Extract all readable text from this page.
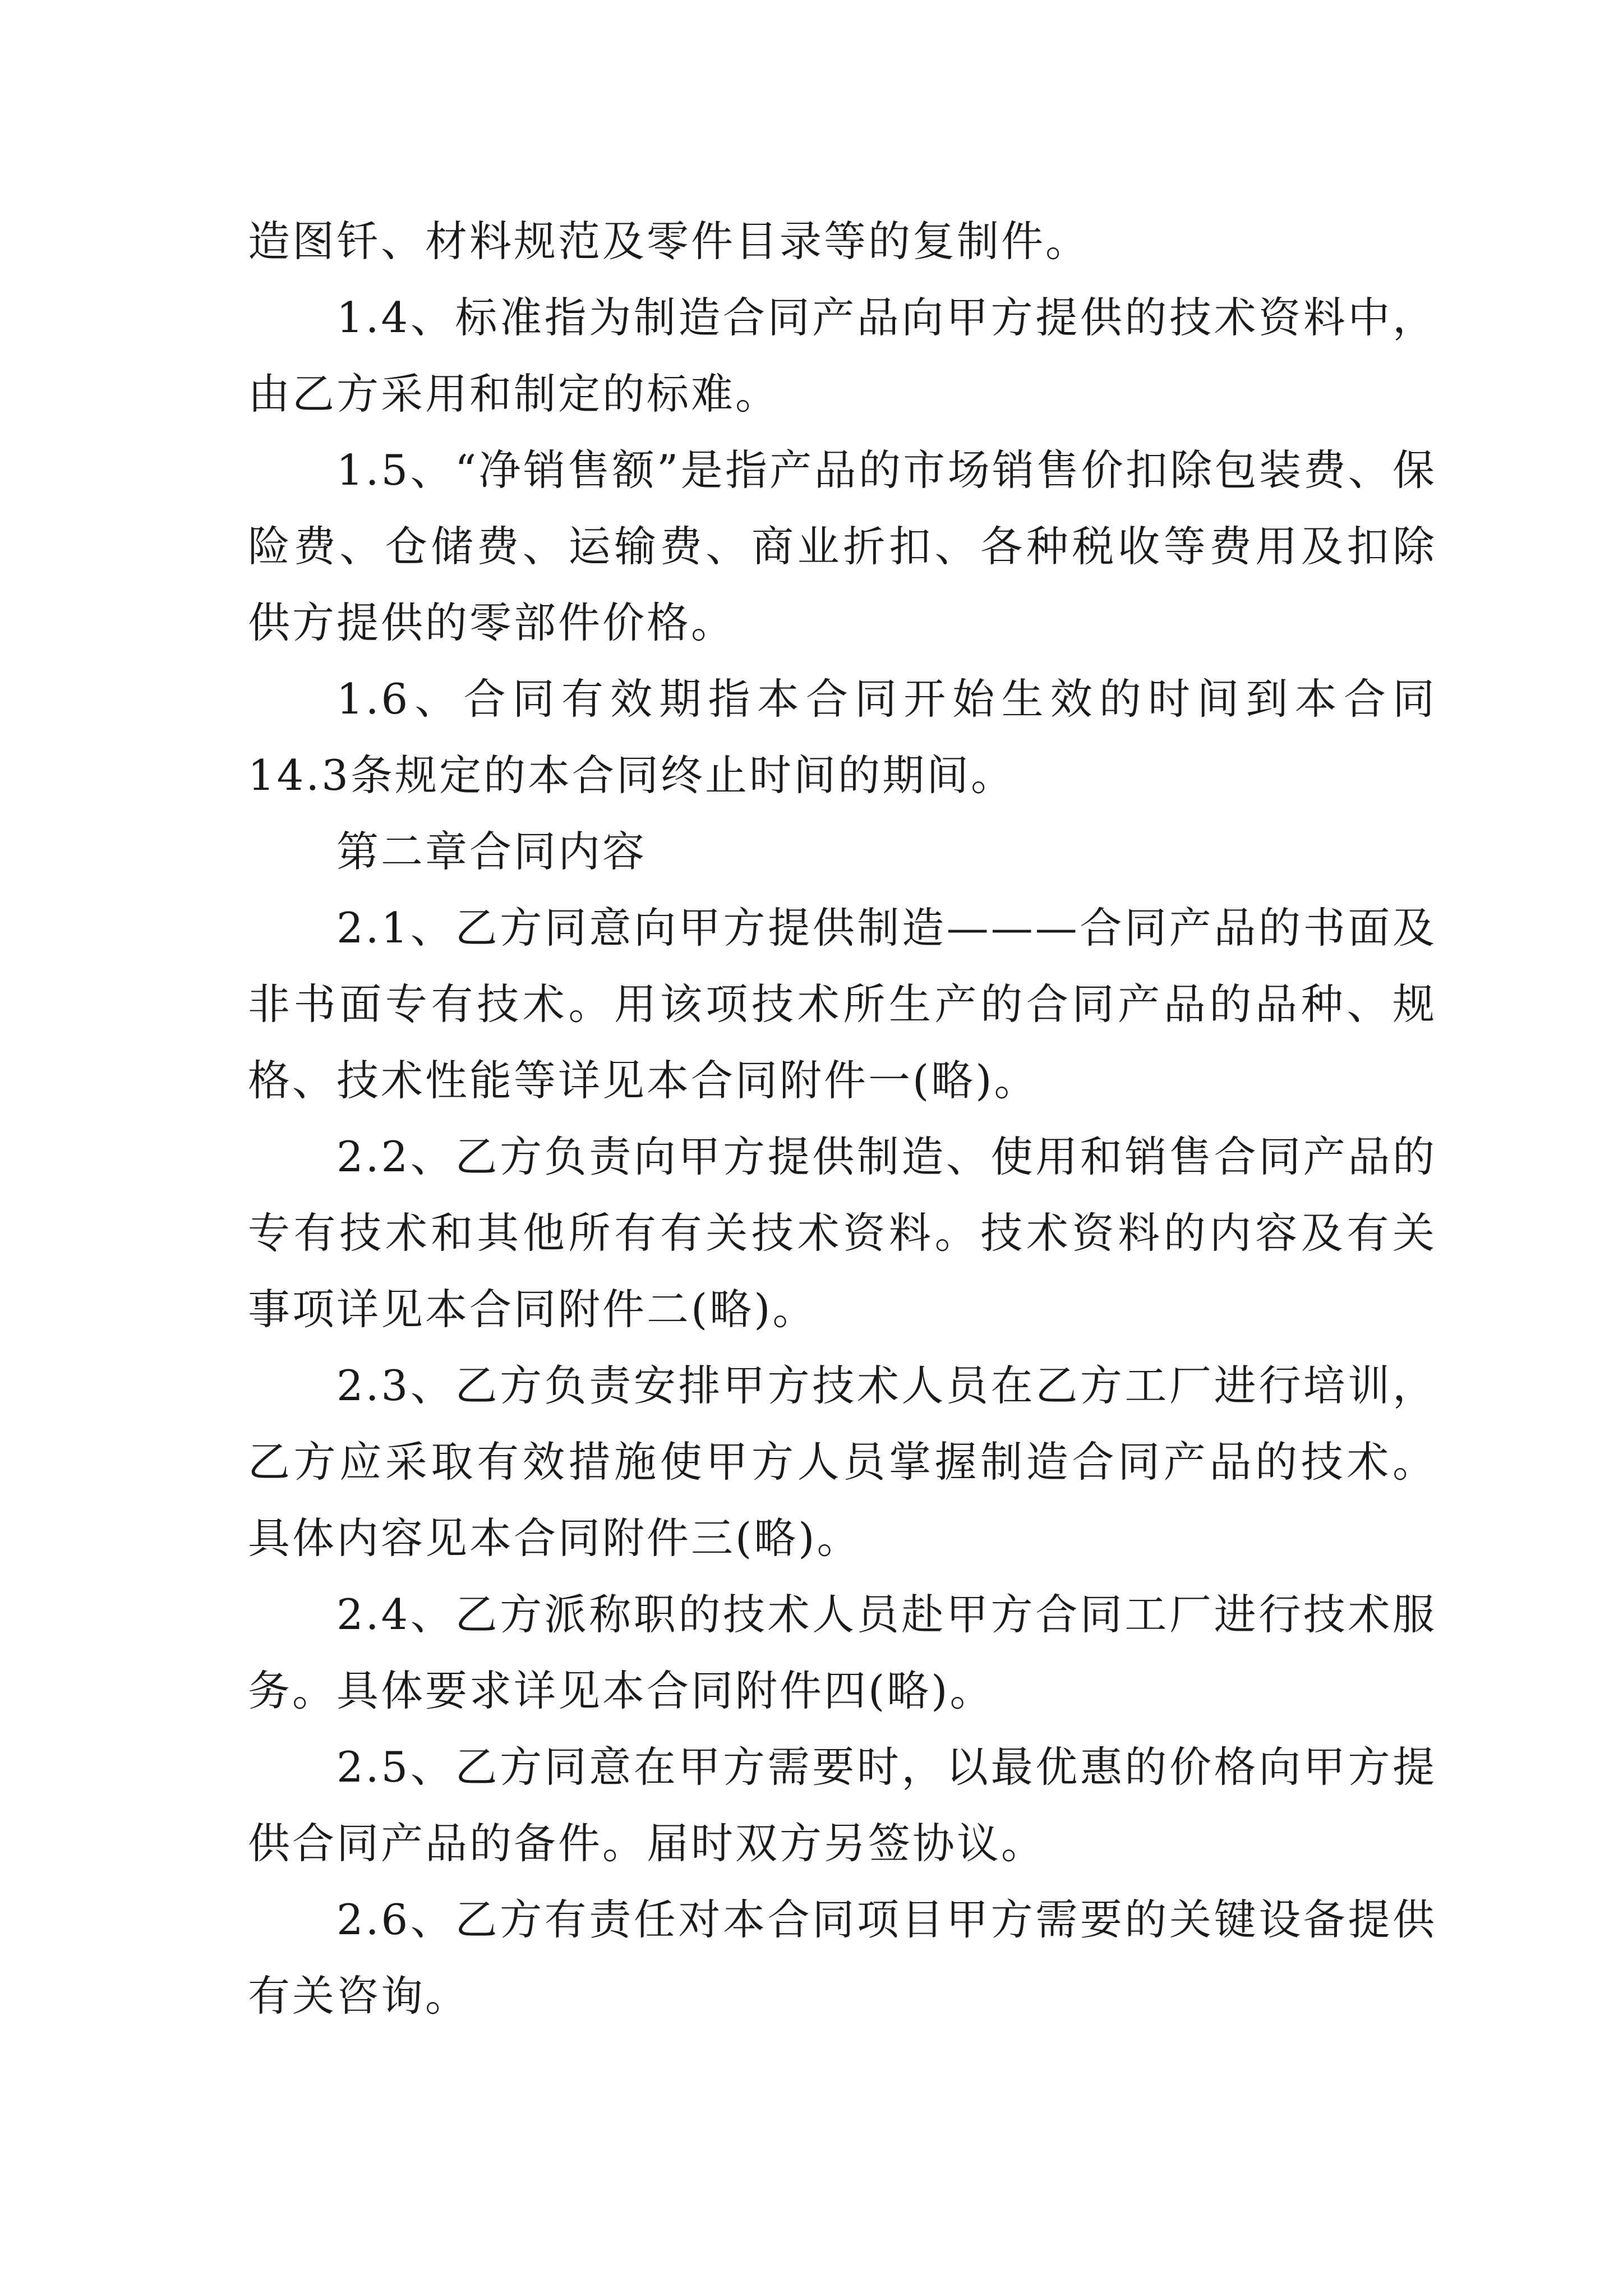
造图钎、材料规范及零件目录等的复制件。

1.4、标准指为制造合同产品向甲方提供的技术资料中，由乙方采用和制定的标难。

1.5、“净销售额”是指产品的市场销售价扣除包装费、保险费、仓储费、运输费、商业折扣、各种税收等费用及扣除供方提供的零部件价格。

1.6、合同有效期指本合同开始生效的时间到本合同14.3条规定的本合同终止时间的期间。

第二章合同内容

2.1、乙方同意向甲方提供制造———合同产品的书面及非书面专有技术。用该项技术所生产的合同产品的品种、规格、技术性能等详见本合同附件一(略)。

2.2、乙方负责向甲方提供制造、使用和销售合同产品的专有技术和其他所有有关技术资料。技术资料的内容及有关事项详见本合同附件二(略)。

2.3、乙方负责安排甲方技术人员在乙方工厂进行培训，乙方应采取有效措施使甲方人员掌握制造合同产品的技术。具体内容见本合同附件三(略)。

2.4、乙方派称职的技术人员赴甲方合同工厂进行技术服务。具体要求详见本合同附件四(略)。

2.5、乙方同意在甲方需要时，以最优惠的价格向甲方提供合同产品的备件。届时双方另签协议。

2.6、乙方有责任对本合同项目甲方需要的关键设备提供有关咨询。
